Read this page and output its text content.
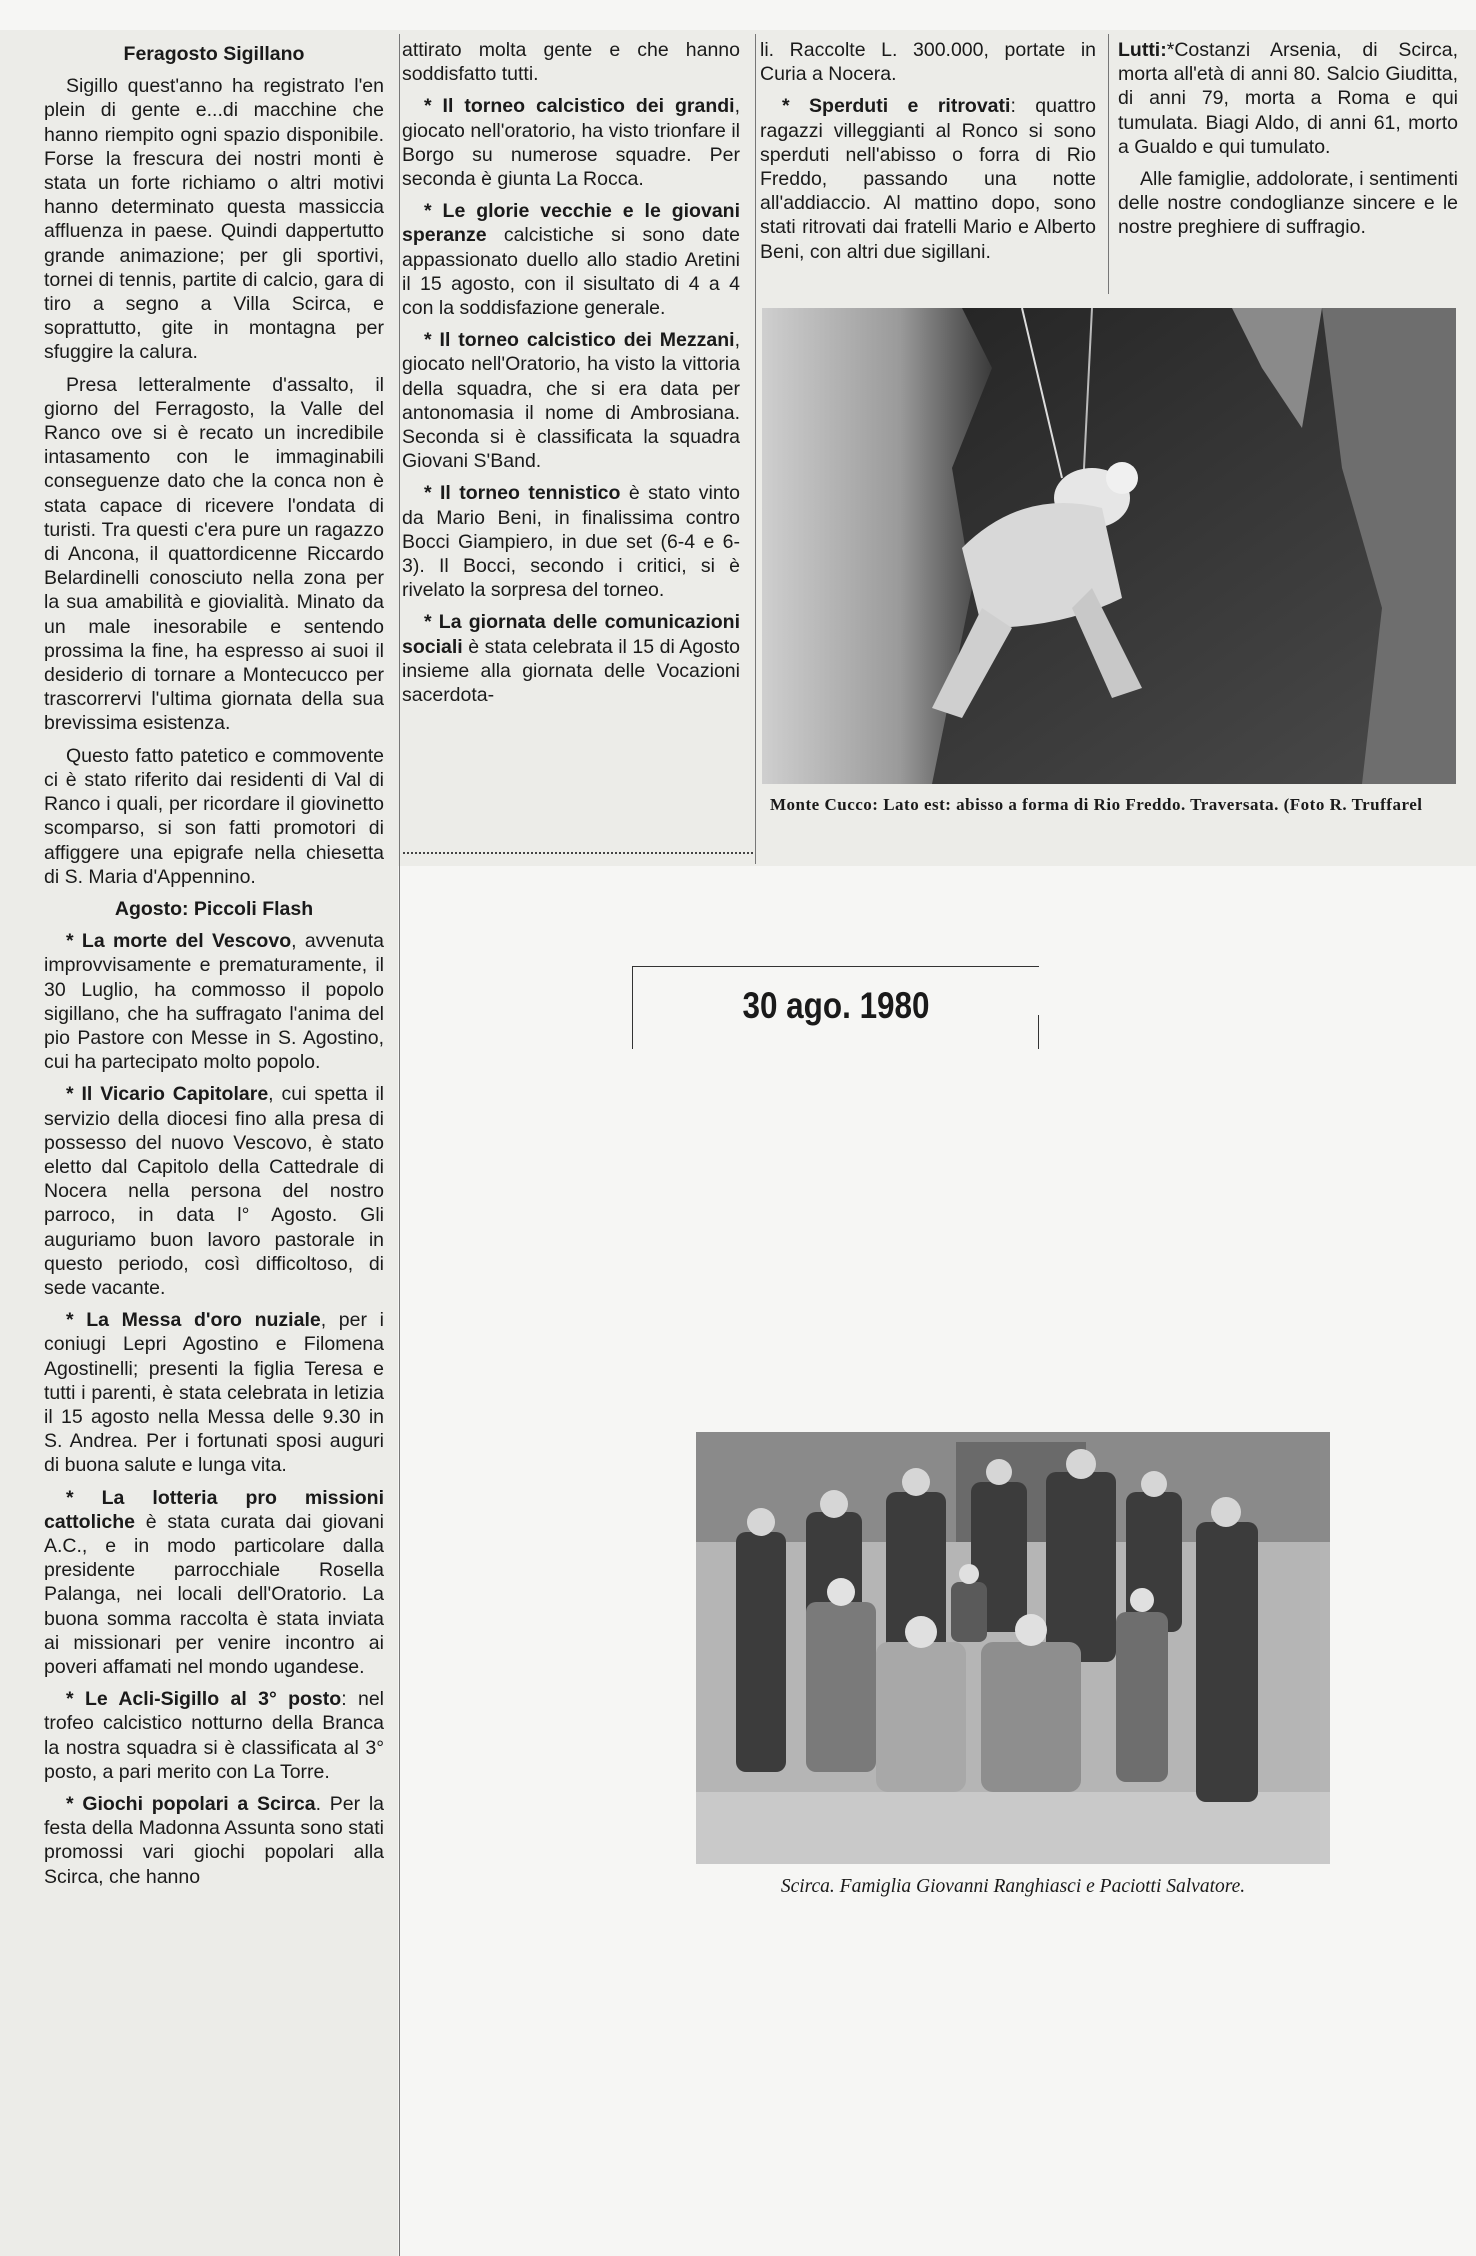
Feragosto Sigillano

Sigillo quest'anno ha registrato l'en plein di gente e...di macchine che hanno riempito ogni spazio disponibile. Forse la frescura dei nostri monti è stata un forte richiamo o altri motivi hanno determinato questa massiccia affluenza in paese. Quindi dappertutto grande animazione; per gli sportivi, tornei di tennis, partite di calcio, gara di tiro a segno a Villa Scirca, e soprattutto, gite in montagna per sfuggire la calura.

Presa letteralmente d'assalto, il giorno del Ferragosto, la Valle del Ranco ove si è recato un incredibile intasamento con le immaginabili conseguenze dato che la conca non è stata capace di ricevere l'ondata di turisti. Tra questi c'era pure un ragazzo di Ancona, il quattordicenne Riccardo Belardinelli conosciuto nella zona per la sua amabilità e giovialità. Minato da un male inesorabile e sentendo prossima la fine, ha espresso ai suoi il desiderio di tornare a Montecucco per trascorrervi l'ultima giornata della sua brevissima esistenza.

Questo fatto patetico e commovente ci è stato riferito dai residenti di Val di Ranco i quali, per ricordare il giovinetto scomparso, si son fatti promotori di affiggere una epigrafe nella chiesetta di S. Maria d'Appennino.

Agosto: Piccoli Flash

* La morte del Vescovo, avvenuta improvvisamente e prematuramente, il 30 Luglio, ha commosso il popolo sigillano, che ha suffragato l'anima del pio Pastore con Messe in S. Agostino, cui ha partecipato molto popolo.

* Il Vicario Capitolare, cui spetta il servizio della diocesi fino alla presa di possesso del nuovo Vescovo, è stato eletto dal Capitolo della Cattedrale di Nocera nella persona del nostro parroco, in data l° Agosto. Gli auguriamo buon lavoro pastorale in questo periodo, così difficoltoso, di sede vacante.

* La Messa d'oro nuziale, per i coniugi Lepri Agostino e Filomena Agostinelli; presenti la figlia Teresa e tutti i parenti, è stata celebrata in letizia il 15 agosto nella Messa delle 9.30 in S. Andrea. Per i fortunati sposi auguri di buona salute e lunga vita.

* La lotteria pro missioni cattoliche è stata curata dai giovani A.C., e in modo particolare dalla presidente parrocchiale Rosella Palanga, nei locali dell'Oratorio. La buona somma raccolta è stata inviata ai missionari per venire incontro ai poveri affamati nel mondo ugandese.

* Le Acli-Sigillo al 3° posto: nel trofeo calcistico notturno della Branca la nostra squadra si è classificata al 3° posto, a pari merito con La Torre.

* Giochi popolari a Scirca. Per la festa della Madonna Assunta sono stati promossi vari giochi popolari alla Scirca, che hanno

attirato molta gente e che hanno soddisfatto tutti.

* Il torneo calcistico dei grandi, giocato nell'oratorio, ha visto trionfare il Borgo su numerose squadre. Per seconda è giunta La Rocca.

* Le glorie vecchie e le giovani speranze calcistiche si sono date appassionato duello allo stadio Aretini il 15 agosto, con il sisultato di 4 a 4 con la soddisfazione generale.

* Il torneo calcistico dei Mezzani, giocato nell'Oratorio, ha visto la vittoria della squadra, che si era data per antonomasia il nome di Ambrosiana. Seconda si è classificata la squadra Giovani S'Band.

* Il torneo tennistico è stato vinto da Mario Beni, in finalissima contro Bocci Giampiero, in due set (6-4 e 6-3). Il Bocci, secondo i critici, si è rivelato la sorpresa del torneo.

* La giornata delle comunicazioni sociali è stata celebrata il 15 di Agosto insieme alla giornata delle Vocazioni sacerdota-

li. Raccolte L. 300.000, portate in Curia a Nocera.

* Sperduti e ritrovati: quattro ragazzi villeggianti al Ronco si sono sperduti nell'abisso o forra di Rio Freddo, passando una notte all'addiaccio. Al mattino dopo, sono stati ritrovati dai fratelli Mario e Alberto Beni, con altri due sigillani.

Lutti:*Costanzi Arsenia, di Scirca, morta all'età di anni 80. Salcio Giuditta, di anni 79, morta a Roma e qui tumulata. Biagi Aldo, di anni 61, morto a Gualdo e qui tumulato.

Alle famiglie, addolorate, i sentimenti delle nostre condoglianze sincere e le nostre preghiere di suffragio.

Monte Cucco: Lato est: abisso a forma di Rio Freddo. Traversata. (Foto R. Truffarel
30 ago. 1980
Scirca. Famiglia Giovanni Ranghiasci e Paciotti Salvatore.
